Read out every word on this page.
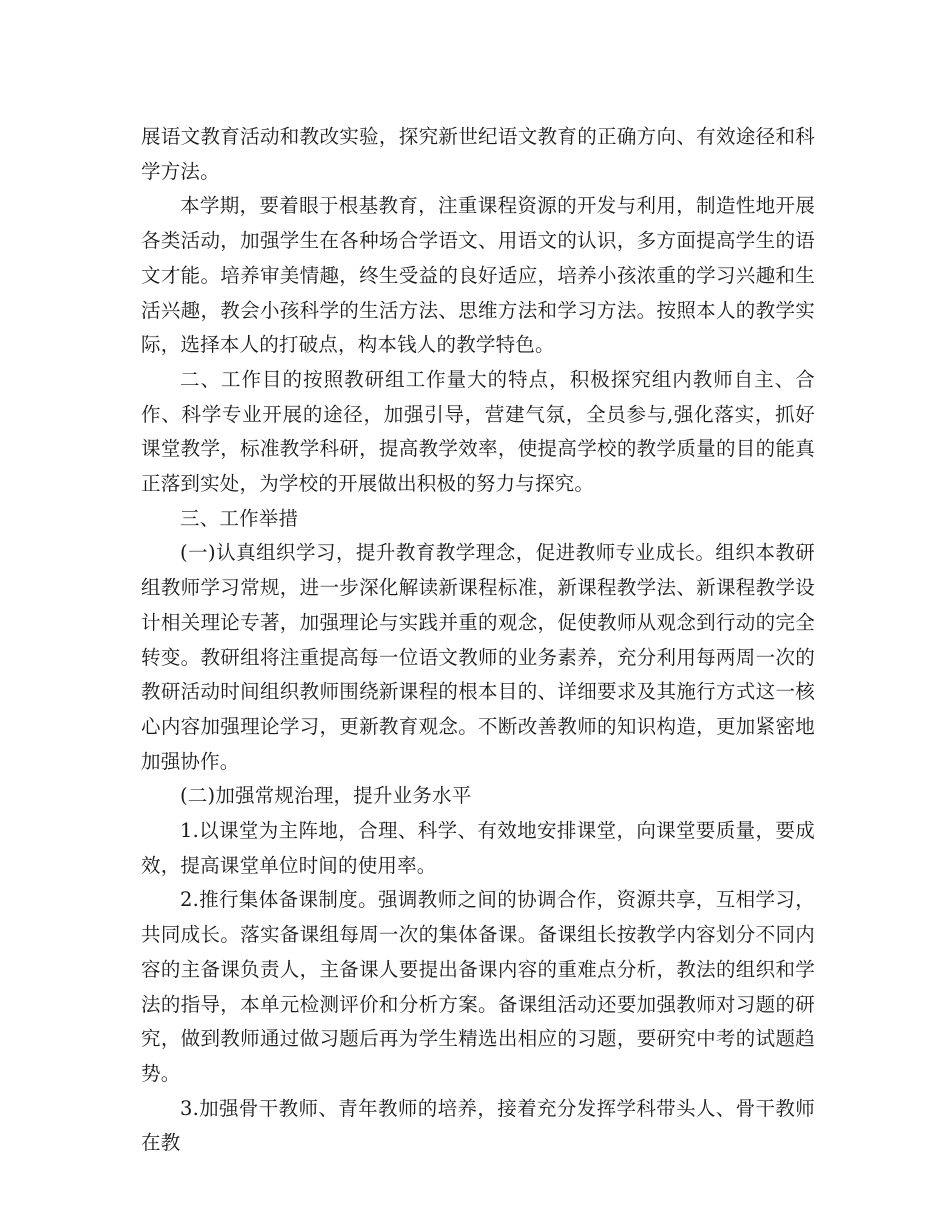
展语文教育活动和教改实验，探究新世纪语文教育的正确方向、有效途径和科学方法。

本学期，要着眼于根基教育，注重课程资源的开发与利用，制造性地开展各类活动，加强学生在各种场合学语文、用语文的认识，多方面提高学生的语文才能。培养审美情趣，终生受益的良好适应，培养小孩浓重的学习兴趣和生活兴趣，教会小孩科学的生活方法、思维方法和学习方法。按照本人的教学实际，选择本人的打破点，构本钱人的教学特色。

二、工作目的按照教研组工作量大的特点，积极探究组内教师自主、合作、科学专业开展的途径，加强引导，营建气氛，全员参与,强化落实，抓好课堂教学，标准教学科研，提高教学效率，使提高学校的教学质量的目的能真正落到实处，为学校的开展做出积极的努力与探究。

三、工作举措

(一)认真组织学习，提升教育教学理念，促进教师专业成长。组织本教研组教师学习常规，进一步深化解读新课程标准，新课程教学法、新课程教学设计相关理论专著，加强理论与实践并重的观念，促使教师从观念到行动的完全转变。教研组将注重提高每一位语文教师的业务素养，充分利用每两周一次的教研活动时间组织教师围绕新课程的根本目的、详细要求及其施行方式这一核心内容加强理论学习，更新教育观念。不断改善教师的知识构造，更加紧密地加强协作。

(二)加强常规治理，提升业务水平

1.以课堂为主阵地，合理、科学、有效地安排课堂，向课堂要质量，要成效，提高课堂单位时间的使用率。

2.推行集体备课制度。强调教师之间的协调合作，资源共享，互相学习，共同成长。落实备课组每周一次的集体备课。备课组长按教学内容划分不同内容的主备课负责人，主备课人要提出备课内容的重难点分析，教法的组织和学法的指导，本单元检测评价和分析方案。备课组活动还要加强教师对习题的研究，做到教师通过做习题后再为学生精选出相应的习题，要研究中考的试题趋势。

3.加强骨干教师、青年教师的培养，接着充分发挥学科带头人、骨干教师在教
